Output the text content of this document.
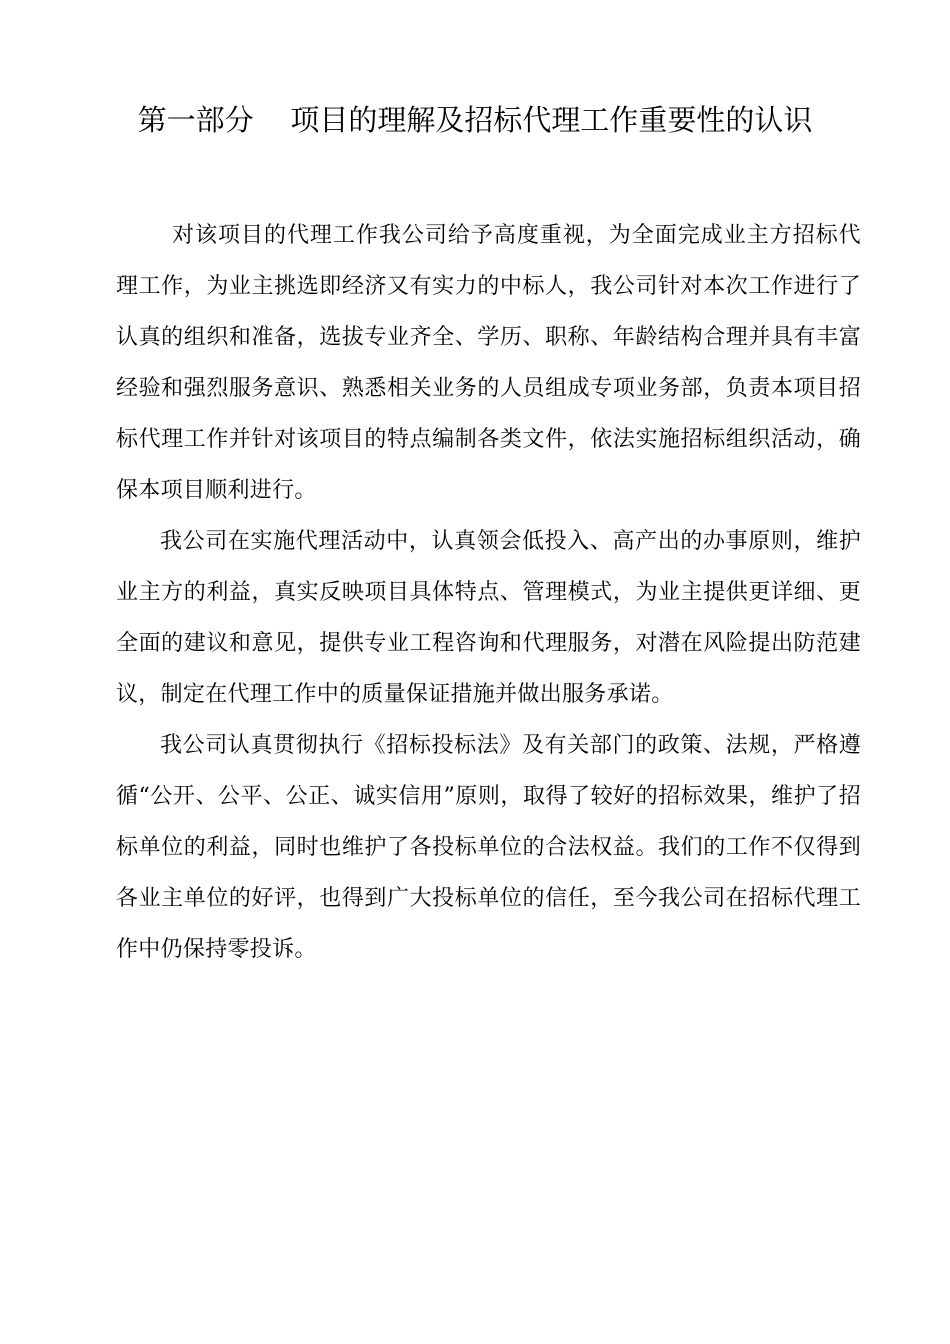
第一部分    项目的理解及招标代理工作重要性的认识

对该项目的代理工作我公司给予高度重视，为全面完成业主方招标代理工作，为业主挑选即经济又有实力的中标人，我公司针对本次工作进行了认真的组织和准备，选拔专业齐全、学历、职称、年龄结构合理并具有丰富经验和强烈服务意识、熟悉相关业务的人员组成专项业务部，负责本项目招标代理工作并针对该项目的特点编制各类文件，依法实施招标组织活动，确保本项目顺利进行。

我公司在实施代理活动中，认真领会低投入、高产出的办事原则，维护业主方的利益，真实反映项目具体特点、管理模式，为业主提供更详细、更全面的建议和意见，提供专业工程咨询和代理服务，对潜在风险提出防范建议，制定在代理工作中的质量保证措施并做出服务承诺。

我公司认真贯彻执行《招标投标法》及有关部门的政策、法规，严格遵循“公开、公平、公正、诚实信用”原则，取得了较好的招标效果，维护了招标单位的利益，同时也维护了各投标单位的合法权益。我们的工作不仅得到各业主单位的好评，也得到广大投标单位的信任，至今我公司在招标代理工作中仍保持零投诉。
